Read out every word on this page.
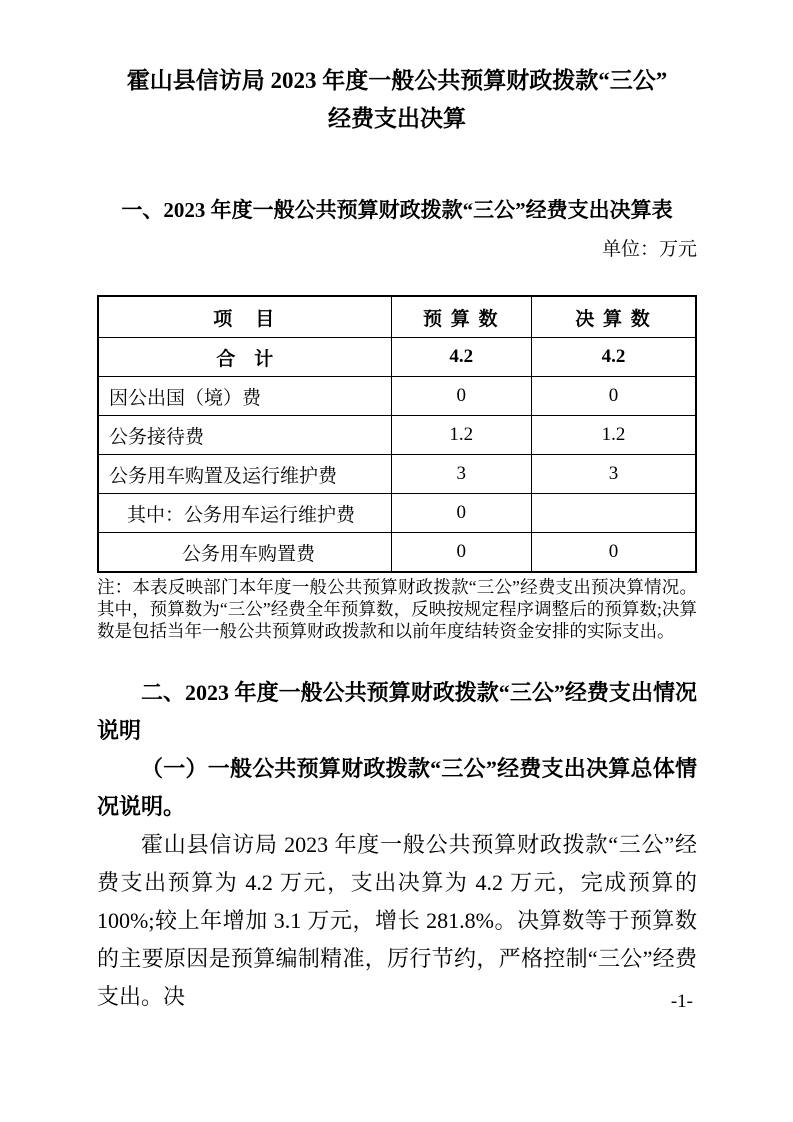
霍山县信访局 2023 年度一般公共预算财政拨款“三公”
经费支出决算
一、2023 年度一般公共预算财政拨款“三公”经费支出决算表
单位：万元
项　目	预 算 数	决 算 数
合　计	4.2	4.2
因公出国（境）费	0	0
公务接待费	1.2	1.2
公务用车购置及运行维护费	3	3
其中：公务用车运行维护费	0	
公务用车购置费	0	0

注：本表反映部门本年度一般公共预算财政拨款“三公”经费支出预决算情况。其中，预算数为“三公”经费全年预算数，反映按规定程序调整后的预算数;决算数是包括当年一般公共预算财政拨款和以前年度结转资金安排的实际支出。

二、2023 年度一般公共预算财政拨款“三公”经费支出情况说明

（一）一般公共预算财政拨款“三公”经费支出决算总体情况说明。

霍山县信访局 2023 年度一般公共预算财政拨款“三公”经费支出预算为 4.2 万元，支出决算为 4.2 万元，完成预算的 100%;较上年增加 3.1 万元，增长 281.8%。决算数等于预算数的主要原因是预算编制精准，厉行节约，严格控制“三公”经费支出。决	-1-
